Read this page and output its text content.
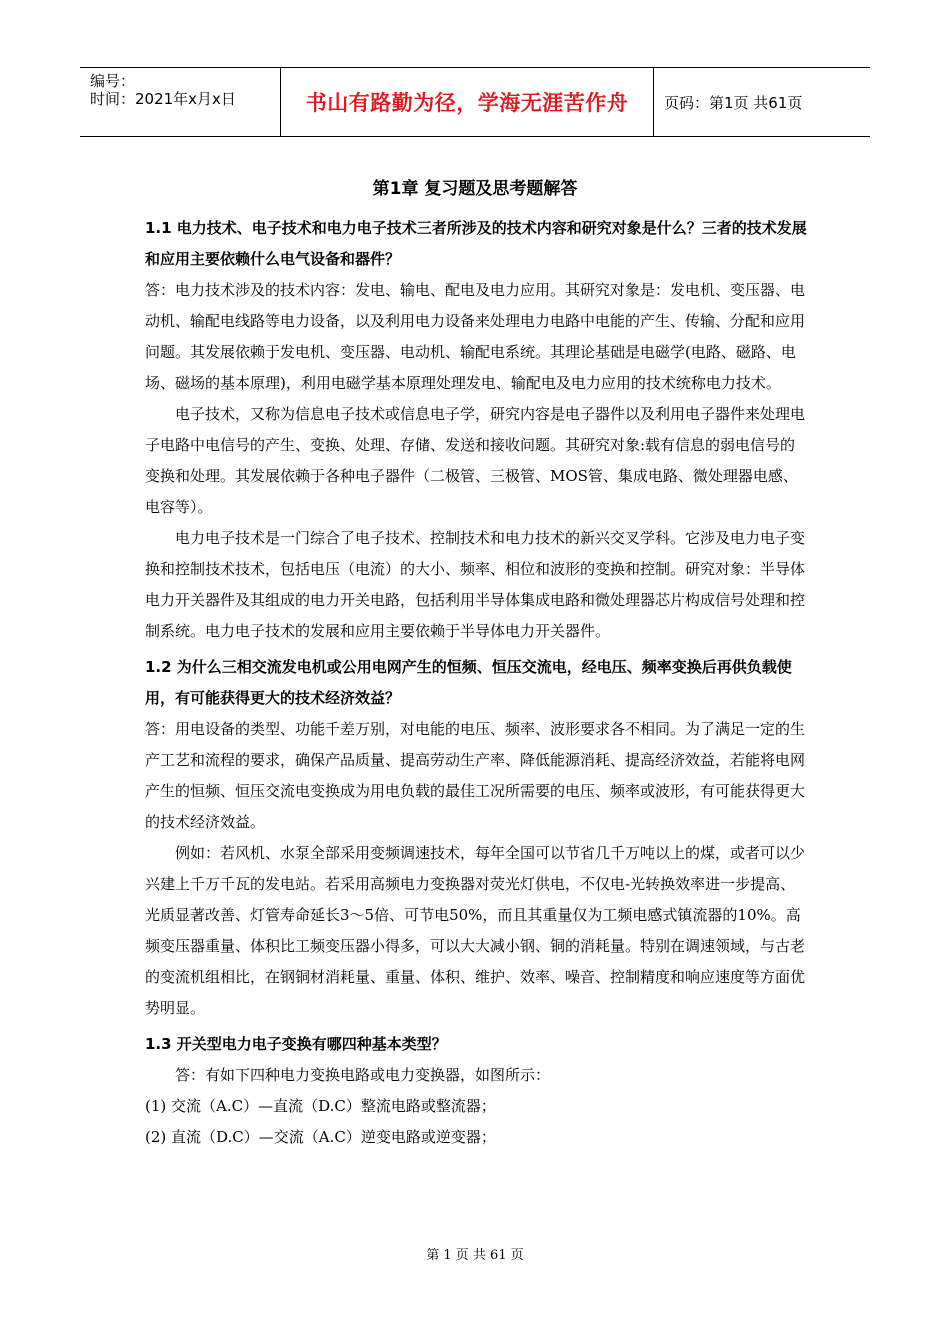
编号：
时间：2021年x月x日	书山有路勤为径，学海无涯苦作舟	页码：第1页 共61页
第1章 复习题及思考题解答

1.1 电力技术、电子技术和电力电子技术三者所涉及的技术内容和研究对象是什么？三者的技术发展和应用主要依赖什么电气设备和器件？

答：电力技术涉及的技术内容：发电、输电、配电及电力应用。其研究对象是：发电机、变压器、电动机、输配电线路等电力设备，以及利用电力设备来处理电力电路中电能的产生、传输、分配和应用问题。其发展依赖于发电机、变压器、电动机、输配电系统。其理论基础是电磁学(电路、磁路、电场、磁场的基本原理)，利用电磁学基本原理处理发电、输配电及电力应用的技术统称电力技术。

电子技术，又称为信息电子技术或信息电子学，研究内容是电子器件以及利用电子器件来处理电子电路中电信号的产生、变换、处理、存储、发送和接收问题。其研究对象:载有信息的弱电信号的变换和处理。其发展依赖于各种电子器件（二极管、三极管、MOS管、集成电路、微处理器电感、电容等）。

电力电子技术是一门综合了电子技术、控制技术和电力技术的新兴交叉学科。它涉及电力电子变换和控制技术技术，包括电压（电流）的大小、频率、相位和波形的变换和控制。研究对象：半导体电力开关器件及其组成的电力开关电路，包括利用半导体集成电路和微处理器芯片构成信号处理和控制系统。电力电子技术的发展和应用主要依赖于半导体电力开关器件。

1.2 为什么三相交流发电机或公用电网产生的恒频、恒压交流电，经电压、频率变换后再供负载使用，有可能获得更大的技术经济效益？

答：用电设备的类型、功能千差万别，对电能的电压、频率、波形要求各不相同。为了满足一定的生产工艺和流程的要求，确保产品质量、提高劳动生产率、降低能源消耗、提高经济效益，若能将电网产生的恒频、恒压交流电变换成为用电负载的最佳工况所需要的电压、频率或波形，有可能获得更大的技术经济效益。

例如：若风机、水泵全部采用变频调速技术，每年全国可以节省几千万吨以上的煤，或者可以少兴建上千万千瓦的发电站。若采用高频电力变换器对荧光灯供电，不仅电-光转换效率进一步提高、光质显著改善、灯管寿命延长3～5倍、可节电50%，而且其重量仅为工频电感式镇流器的10%。高频变压器重量、体积比工频变压器小得多，可以大大减小钢、铜的消耗量。特别在调速领域，与古老的变流机组相比，在钢铜材消耗量、重量、体积、维护、效率、噪音、控制精度和响应速度等方面优势明显。

1.3 开关型电力电子变换有哪四种基本类型？

答：有如下四种电力变换电路或电力变换器，如图所示：

(1) 交流（A.C）—直流（D.C）整流电路或整流器；

(2) 直流（D.C）—交流（A.C）逆变电路或逆变器；

第 1 页 共 61 页
